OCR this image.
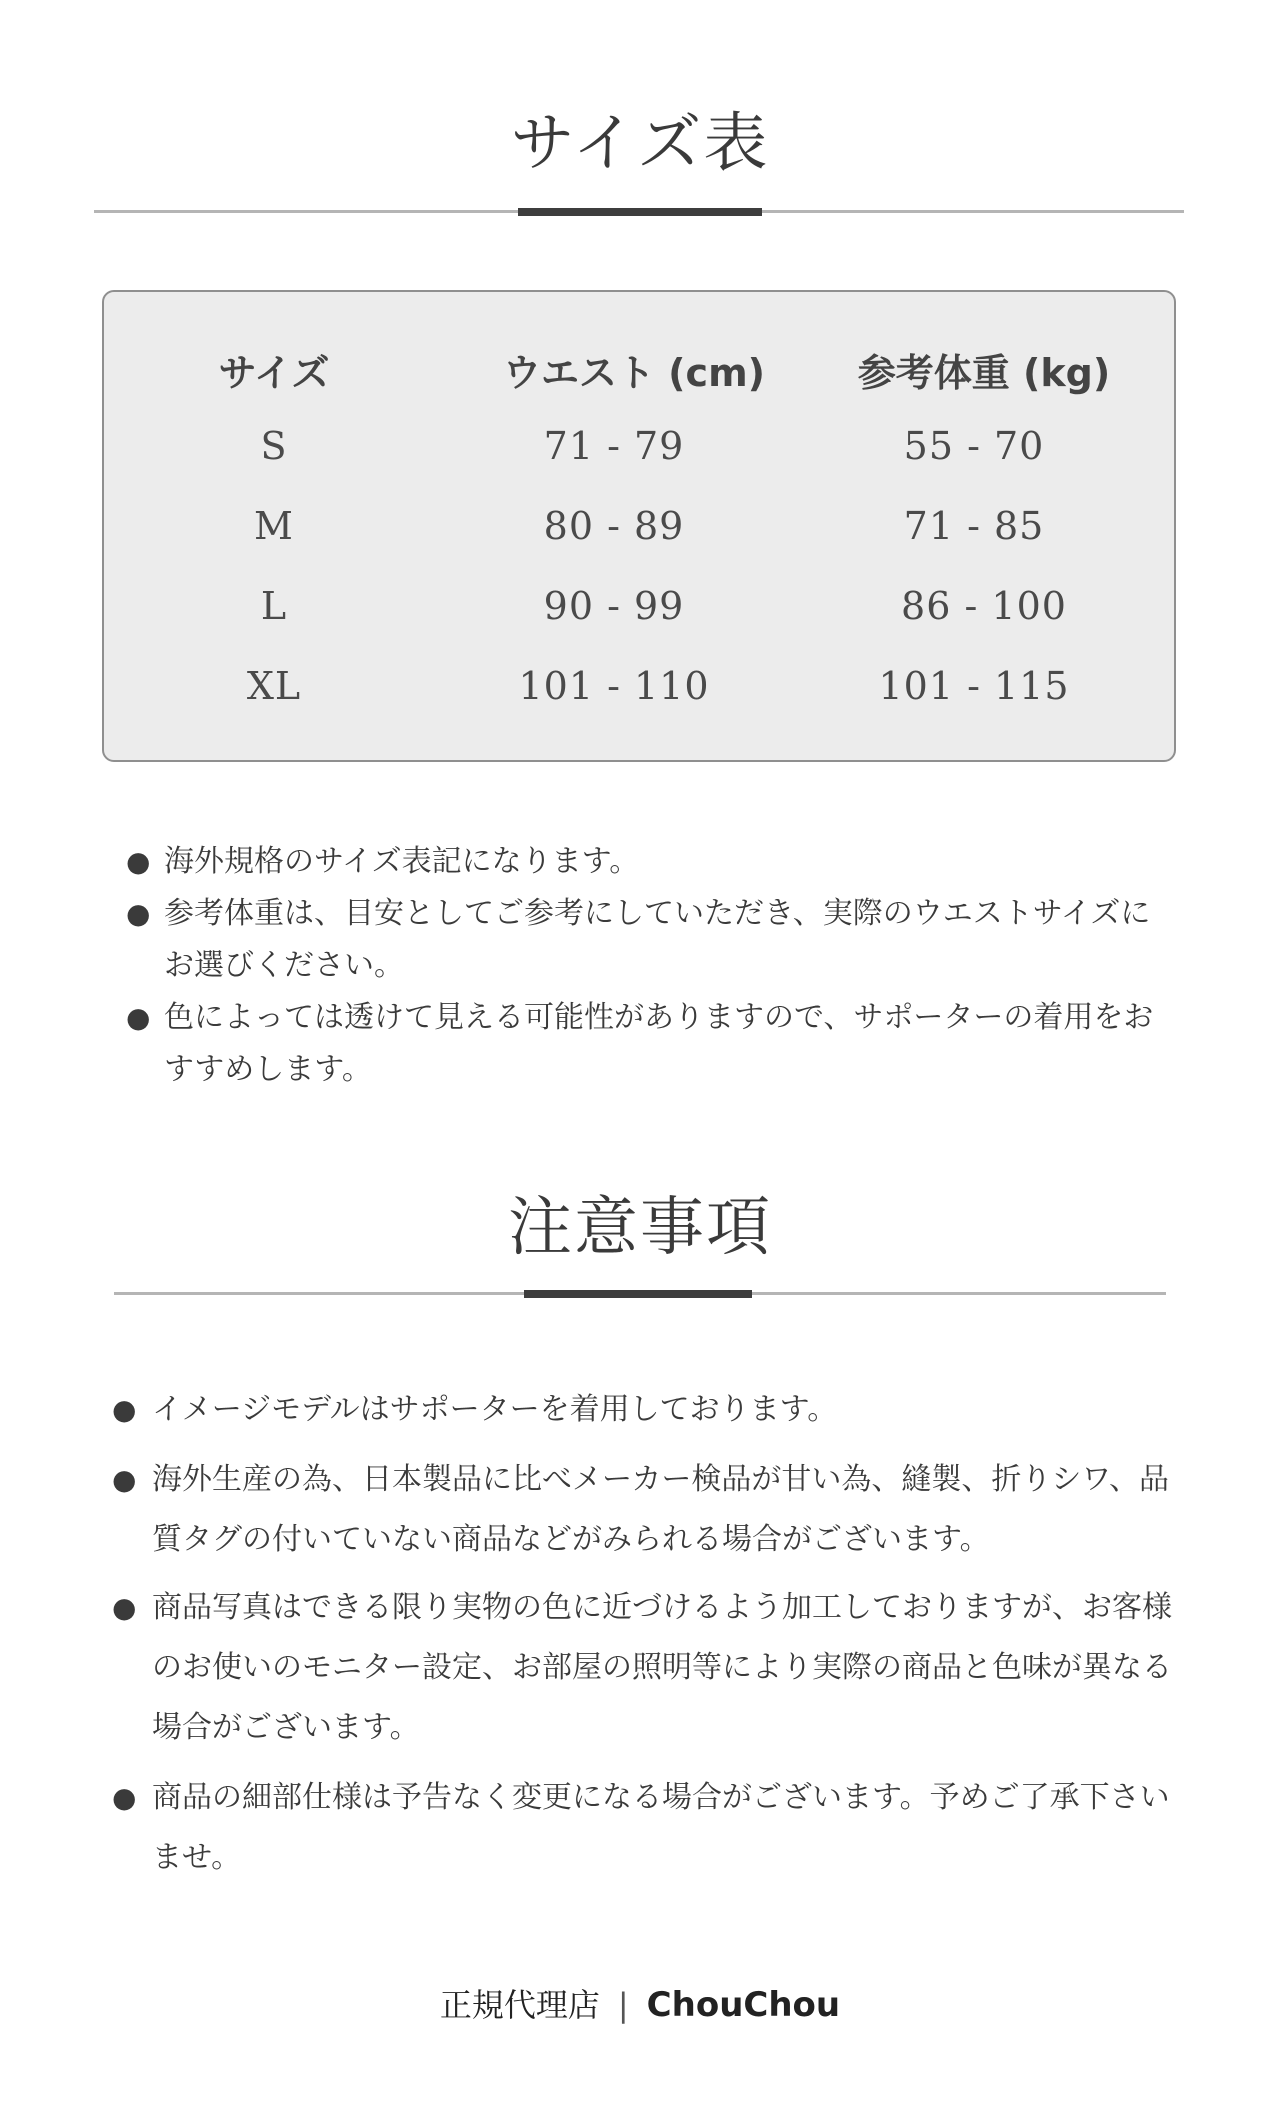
サイズ表
サイズ	ウエスト (cm)	参考体重 (kg)
S	71 - 79	55 - 70
M	80 - 89	71 - 85
L	90 - 99	86 - 100
XL	101 - 110	101 - 115
● 海外規格のサイズ表記になります。
● 参考体重は、目安としてご参考にしていただき、実際のウエストサイズにお選びください。
● 色によっては透けて見える可能性がありますので、サポーターの着用をおすすめします。
注意事項
● イメージモデルはサポーターを着用しております。
● 海外生産の為、日本製品に比べメーカー検品が甘い為、縫製、折りシワ、品質タグの付いていない商品などがみられる場合がございます。
● 商品写真はできる限り実物の色に近づけるよう加工しておりますが、お客様のお使いのモニター設定、お部屋の照明等により実際の商品と色味が異なる場合がございます。
● 商品の細部仕様は予告なく変更になる場合がございます。予めご了承下さいませ。
正規代理店 | ChouChou
